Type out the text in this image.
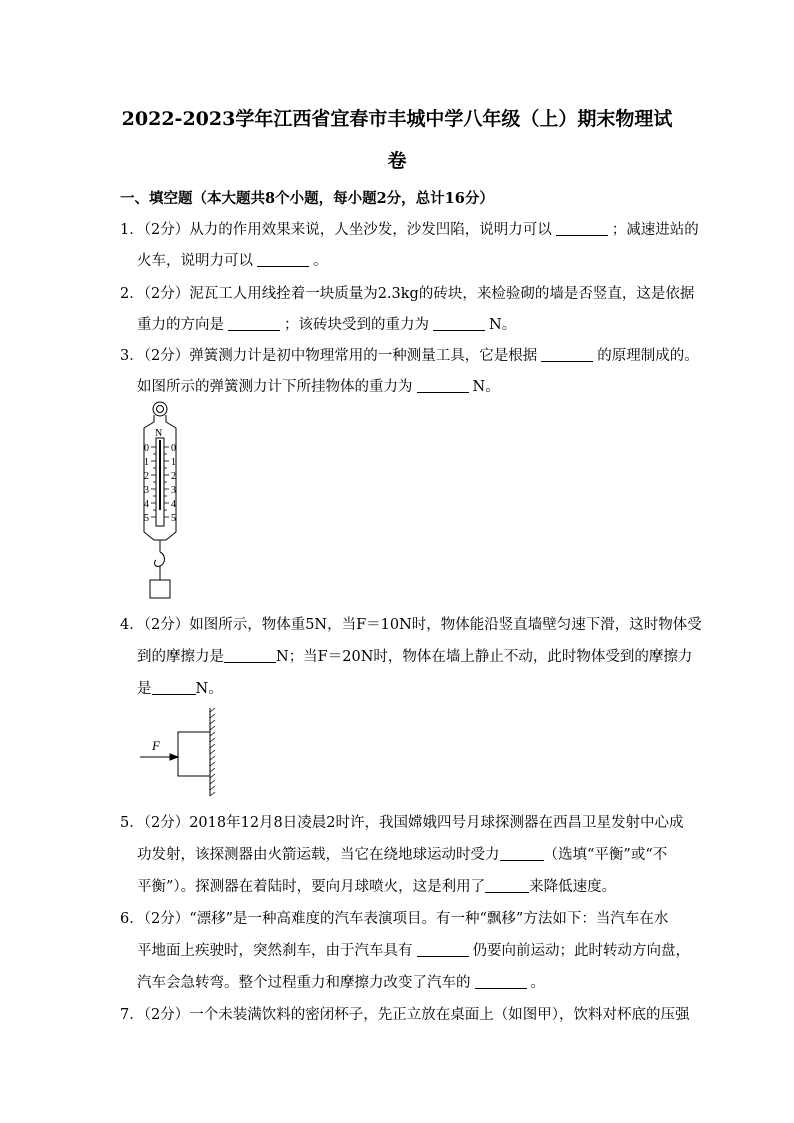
2022-2023学年江西省宜春市丰城中学八年级（上）期末物理试
卷
一、填空题（本大题共8个小题，每小题2分，总计16分）
1．（2分）从力的作用效果来说，人坐沙发，沙发凹陷，说明力可以	；减速进站的
火车，说明力可以	。
2．（2分）泥瓦工人用线拴着一块质量为2.3kg的砖块，来检验砌的墙是否竖直，这是依据
重力的方向是	；该砖块受到的重力为	N。
3．（2分）弹簧测力计是初中物理常用的一种测量工具，它是根据	的原理制成的。
如图所示的弹簧测力计下所挂物体的重力为	N。
N
0
1
2
3
4
5
0
1
2
3
4
5
4．（2分）如图所示，物体重5N，当F＝10N时，物体能沿竖直墙壁匀速下滑，这时物体受
到的摩擦力是	N；当F＝20N时，物体在墙上静止不动，此时物体受到的摩擦力
是	N。
F
5．（2分）2018年12月8日凌晨2时许，我国嫦娥四号月球探测器在西昌卫星发射中心成
功发射，该探测器由火箭运载，当它在绕地球运动时受力	（选填“平衡”或“不
平衡”）。探测器在着陆时，要向月球喷火，这是利用了	来降低速度。
6．（2分）“漂移”是一种高难度的汽车表演项目。有一种“飘移”方法如下：当汽车在水
平地面上疾驶时，突然刹车，由于汽车具有	仍要向前运动；此时转动方向盘，
汽车会急转弯。整个过程重力和摩擦力改变了汽车的	。
7．（2分）一个未装满饮料的密闭杯子，先正立放在桌面上（如图甲），饮料对杯底的压强
